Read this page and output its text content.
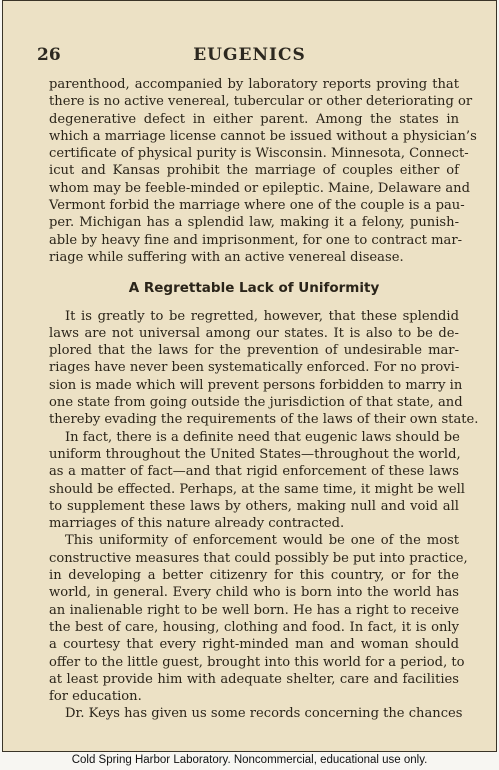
26	EUGENICS

parenthood, accompanied by laboratory reports proving that
there is no active venereal, tubercular or other deteriorating or
degenerative defect in either parent. Among the states in
which a marriage license cannot be issued without a physician’s
certificate of physical purity is Wisconsin. Minnesota, Connect-
icut and Kansas prohibit the marriage of couples either of
whom may be feeble-minded or epileptic. Maine, Delaware and
Vermont forbid the marriage where one of the couple is a pau-
per. Michigan has a splendid law, making it a felony, punish-
able by heavy fine and imprisonment, for one to contract mar-
riage while suffering with an active venereal disease.

A Regrettable Lack of Uniformity

It is greatly to be regretted, however, that these splendid
laws are not universal among our states. It is also to be de-
plored that the laws for the prevention of undesirable mar-
riages have never been systematically enforced. For no provi-
sion is made which will prevent persons forbidden to marry in
one state from going outside the jurisdiction of that state, and
thereby evading the requirements of the laws of their own state.

In fact, there is a definite need that eugenic laws should be
uniform throughout the United States—throughout the world,
as a matter of fact—and that rigid enforcement of these laws
should be effected. Perhaps, at the same time, it might be well
to supplement these laws by others, making null and void all
marriages of this nature already contracted.

This uniformity of enforcement would be one of the most
constructive measures that could possibly be put into practice,
in developing a better citizenry for this country, or for the
world, in general. Every child who is born into the world has
an inalienable right to be well born. He has a right to receive
the best of care, housing, clothing and food. In fact, it is only
a courtesy that every right-minded man and woman should
offer to the little guest, brought into this world for a period, to
at least provide him with adequate shelter, care and facilities
for education.

Dr. Keys has given us some records concerning the chances

Cold Spring Harbor Laboratory. Noncommercial, educational use only.
